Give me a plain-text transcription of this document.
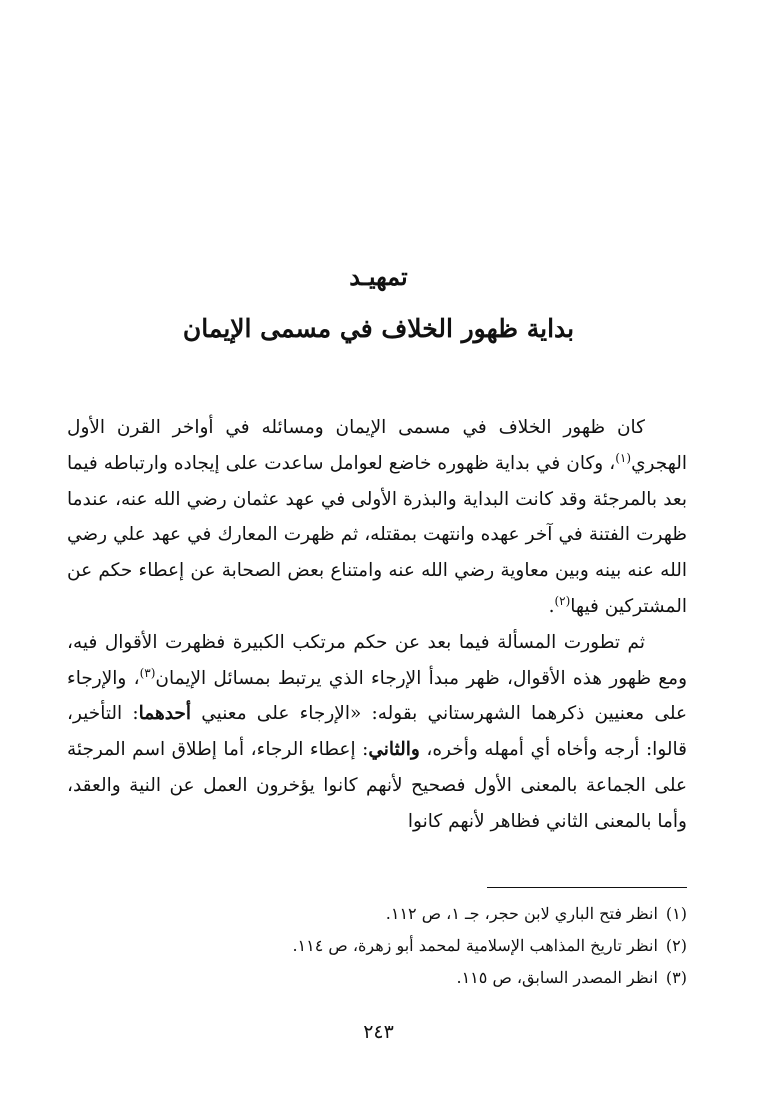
تمهيـد
بداية ظهور الخلاف في مسمى الإيمان

كان ظهور الخلاف في مسمى الإيمان ومسائله في أواخر القرن الأول الهجري$^{(١)}$، وكان في بداية ظهوره خاضع لعوامل ساعدت على إيجاده وارتباطه فيما بعد بالمرجئة وقد كانت البداية والبذرة الأولى في عهد عثمان رضي الله عنه، عندما ظهرت الفتنة في آخر عهده وانتهت بمقتله، ثم ظهرت المعارك في عهد علي رضي الله عنه بينه وبين معاوية رضي الله عنه وامتناع بعض الصحابة عن إعطاء حكم عن المشتركين فيها$^{(٢)}$.

ثم تطورت المسألة فيما بعد عن حكم مرتكب الكبيرة فظهرت الأقوال فيه، ومع ظهور هذه الأقوال، ظهر مبدأ الإرجاء الذي يرتبط بمسائل الإيمان$^{(٣)}$، والإرجاء على معنيين ذكرهما الشهرستاني بقوله: «الإرجاء على معنيي أحدهما: التأخير، قالوا: أرجه وأخاه أي أمهله وأخره، والثاني: إعطاء الرجاء، أما إطلاق اسم المرجئة على الجماعة بالمعنى الأول فصحيح لأنهم كانوا يؤخرون العمل عن النية والعقد، وأما بالمعنى الثاني فظاهر لأنهم كانوا

(١)انظر فتح الباري لابن حجر، جـ ١، ص ١١٢.
(٢)انظر تاريخ المذاهب الإسلامية لمحمد أبو زهرة، ص ١١٤.
(٣)انظر المصدر السابق، ص ١١٥.
٢٤٣
